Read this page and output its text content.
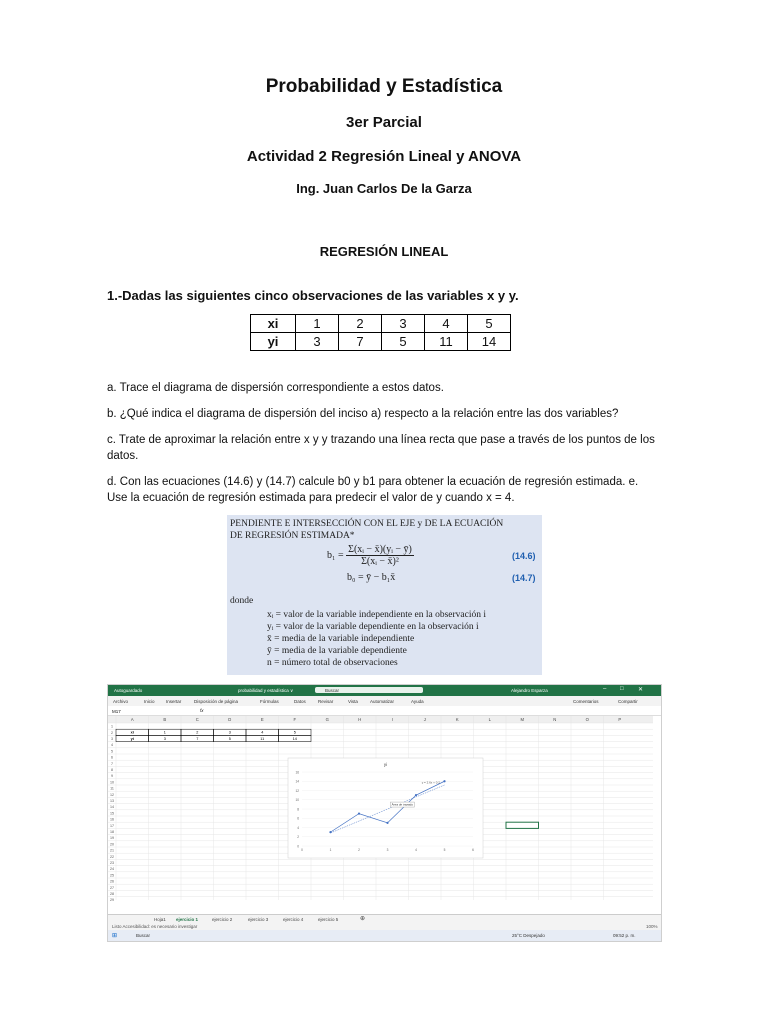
Probabilidad y Estadística
3er Parcial
Actividad 2 Regresión Lineal y ANOVA
Ing. Juan Carlos De la Garza
REGRESIÓN LINEAL
1.-Dadas las siguientes cinco observaciones de las variables x y y.
xi	1	2	3	4	5
yi	3	7	5	11	14
a. Trace el diagrama de dispersión correspondiente a estos datos.
b. ¿Qué indica el diagrama de dispersión del inciso a) respecto a la relación entre las dos variables?
c. Trate de aproximar la relación entre x y y trazando una línea recta que pase a través de los puntos de los datos.
d. Con las ecuaciones (14.6) y (14.7) calcule b0 y b1 para obtener la ecuación de regresión estimada. e. Use la ecuación de regresión estimada para predecir el valor de y cuando x = 4.
PENDIENTE E INTERSECCIÓN CON EL EJE y DE LA ECUACIÓN
DE REGRESIÓN ESTIMADA*
$b_1 = \frac{\text{Σ(xᵢ − x̄)(yᵢ − ȳ)}}{\text{Σ(xᵢ − x̄)²}}$	(14.6)
b₀ = ȳ − b₁x̄	(14.7)
donde
xᵢ = valor de la variable independiente en la observación i
yᵢ = valor de la variable dependiente en la observación i
x̄ = media de la variable independiente
ȳ = media de la variable dependiente
n = número total de observaciones
Autoguardado	probabilidad y estadística ∨	Buscar	Alejandro Esparza	✕
□
–
Archivo	Inicio	Insertar	Disposición de página	Fórmulas	Datos	Revisar	Vista	Automatizar	Ayuda	Comentarios	Compartir
M17	fx
A	B	C	D	E	F	G	H	I	J	K	L	M	N	O	P
1
2
3
4
5
6
7
8
9
10
11
12
13
14
15
16
17
18
19
20
21
22
23
24
25
26
27
28
29
xi	1	2	3	4	5
yi	3	7	5	11	14
yi
0
2
4
6
8
10
12
14
16
0	1	2	3	4	5	6
y = 2.6x + 0.2
Área de trazado
Hoja1 ejercicio 1	ejercicio 2	ejercicio 3	ejercicio 4	ejercicio 5	⊕
Listo Accesibilidad: es necesario investigar	100%
⊞	Buscar	25°C Despejado	09:52 p. m.
